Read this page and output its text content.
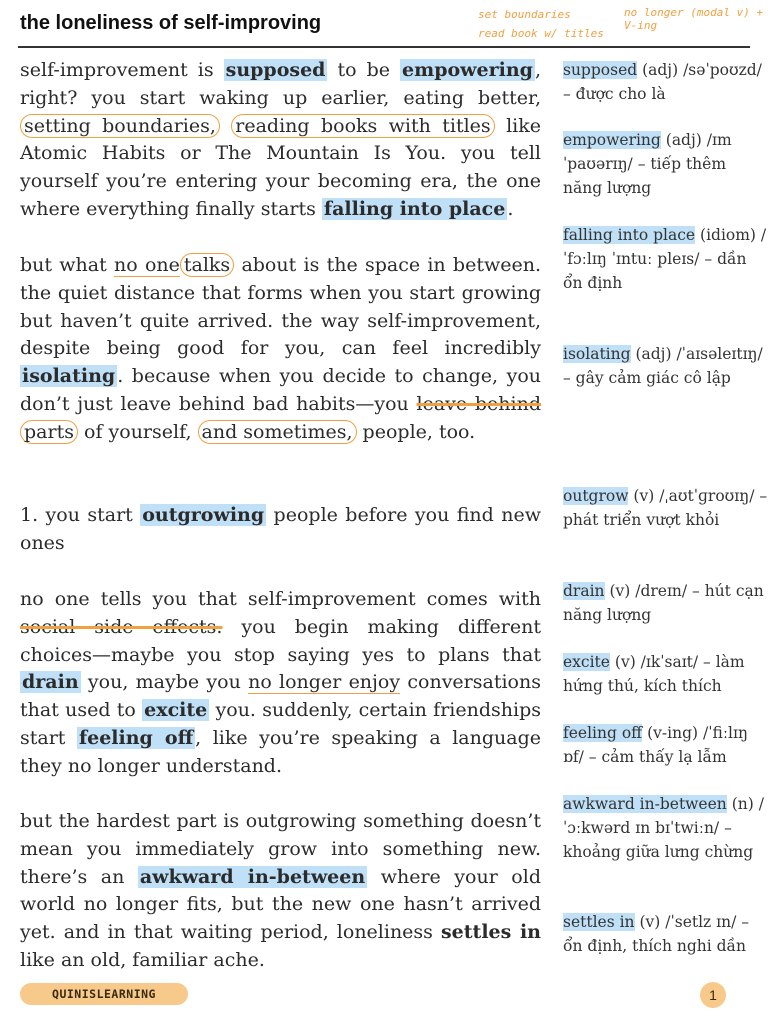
the loneliness of self-improving	set boundaries
read book w/ titles
no longer (modal v) + V-ing
self-improvement is supposed to be empowering , right? you start waking up earlier, eating better, setting boundaries, reading books with titles like Atomic Habits or The Mountain Is You. you tell yourself you’re entering your becoming era, the one where everything finally starts falling into place .
but what no one talks about is the space in between. the quiet distance that forms when you start growing but haven’t quite arrived. the way self-improvement, despite being good for you, can feel incredibly isolating . because when you decide to change, you don’t just leave behind bad habits—you leave behind parts of yourself, and sometimes, people, too.
1. you start outgrowing people before you find new ones
no one tells you that self-improvement comes with social side effects. you begin making different choices—maybe you stop saying yes to plans that drain you, maybe you no longer enjoy conversations that used to excite you. suddenly, certain friendships start feeling off , like you’re speaking a language they no longer understand.
but the hardest part is outgrowing something doesn’t mean you immediately grow into something new. there’s an awkward in-between where your old world no longer fits, but the new one hasn’t arrived yet. and in that waiting period, loneliness settles in like an old, familiar ache.
supposed (adj) /səˈpoʊzd/ – được cho là
empowering (adj) /ɪmˈpaʊərɪŋ/ – tiếp thêm năng lượng
falling into place (idiom) /ˈfɔːlɪŋ ˈɪntuː pleɪs/ – dần ổn định
isolating (adj) /ˈaɪsəleɪtɪŋ/ – gây cảm giác cô lập
outgrow (v) /ˌaʊtˈɡroʊɪŋ/ – phát triển vượt khỏi
drain (v) /dreɪn/ – hút cạn năng lượng
excite (v) /ɪkˈsaɪt/ – làm hứng thú, kích thích
feeling off (v-ing) /ˈfiːlɪŋ ɒf/ – cảm thấy lạ lẫm
awkward in-between (n) /ˈɔːkwərd ɪn bɪˈtwiːn/ – khoảng giữa lưng chừng
settles in (v) /ˈsetlz ɪn/ – ổn định, thích nghi dần
QUINISLEARNING	1
